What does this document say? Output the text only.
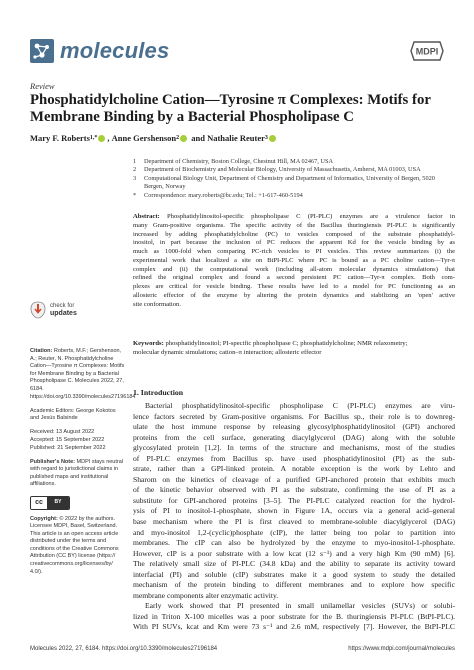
molecules	MDPI
Review
Phosphatidylcholine Cation—Tyrosine π Complexes: Motifs for Membrane Binding by a Bacterial Phospholipase C
Mary F. Roberts 1,* , Anne Gershenson 2
and
Nathalie Reuter 3
1	Department of Chemistry, Boston College, Chestnut Hill, MA 02467, USA
2	Department of Biochemistry and Molecular Biology, University of Massachusetts, Amherst, MA 01003, USA
3	Computational Biology Unit, Department of Chemistry and Department of Informatics, University of Bergen, 5020 Bergen, Norway
*	Correspondence: mary.roberts@bc.edu; Tel.: +1-617-460-5194
Abstract: Phosphatidylinositol-specific phospholipase C (PI-PLC) enzymes are a virulence factor in
many Gram-positive organisms. The specific activity of the Bacillus thuringiensis PI-PLC is significantly
increased by adding phosphatidylcholine (PC) to vesicles composed of the substrate phosphatidyl-
inositol, in part because the inclusion of PC reduces the apparent Kd for the vesicle binding by as
much as 1000-fold when comparing PC-rich vesicles to PI vesicles. This review summarizes (i) the
experimental work that localized a site on BtPI-PLC where PC is bound as a PC choline cation—Tyr-π
complex and (ii) the computational work (including all-atom molecular dynamics simulations) that
refined the original complex and found a second persistent PC cation—Tyr-π complex. Both com-
plexes are critical for vesicle binding. These results have led to a model for PC functioning as an
allosteric effector of the enzyme by altering the protein dynamics and stabilizing an 'open' active
site conformation.
Keywords: phosphatidylinositol; PI-specific phospholipase C; phosphatidylcholine; NMR relaxometry;
molecular dynamic simulations; cation–π interaction; allosteric effector
check for
updates
Citation: Roberts, M.F.; Gershenson, A.; Reuter, N. Phosphatidylcholine Cation—Tyrosine π Complexes: Motifs for Membrane Binding by a Bacterial Phospholipase C. Molecules 2022, 27, 6184. https://doi.org/10.3390/molecules27196184
Academic Editors: George Kokotos and Jesús Balsinde
Received: 13 August 2022
Accepted: 15 September 2022
Published: 21 September 2022
Publisher's Note: MDPI stays neutral with regard to jurisdictional claims in published maps and institutional affiliations.
cc	BY
Copyright: © 2022 by the authors. Licensee MDPI, Basel, Switzerland. This article is an open access article distributed under the terms and conditions of the Creative Commons Attribution (CC BY) license (https:// creativecommons.org/licenses/by/ 4.0/).
1. Introduction
Bacterial phosphatidylinositol-specific phospholipase C (PI-PLC) enzymes are viru-
lence factors secreted by Gram-positive organisms. For Bacillus sp., their role is to downreg-
ulate the host immune response by releasing glycosylphosphatidylinositol (GPI) anchored
proteins from the cell surface, generating diacylglycerol (DAG) along with the soluble
glycosylated protein [1,2]. In terms of the structure and mechanisms, most of the studies
of PI-PLC enzymes from Bacillus sp. have used phosphatidylinositol (PI) as the sub-
strate, rather than a GPI-linked protein. A notable exception is the work by Lehto and
Sharom on the kinetics of cleavage of a purified GPI-anchored protein that exhibits much
of the kinetic behavior observed with PI as the substrate, confirming the use of PI as a
substitute for GPI-anchored proteins [3–5]. The PI-PLC catalyzed reaction for the hydrol-
ysis of PI to inositol-1-phosphate, shown in Figure 1A, occurs via a general acid–general
base mechanism where the PI is first cleaved to membrane-soluble diacylglycerol (DAG)
and myo-inositol 1,2-(cyclic)phosphate (cIP), the latter being too polar to partition into
membranes. The cIP can also be hydrolyzed by the enzyme to myo-inositol-1-phosphate.
However, cIP is a poor substrate with a low kcat (12 s⁻¹) and a very high Km (90 mM) [6].
The relatively small size of PI-PLC (34.8 kDa) and the ability to separate its activity toward
interfacial (PI) and soluble (cIP) substrates make it a good system to study the detailed
mechanism of the protein binding to different membranes and to explore how specific
membrane components alter enzymatic activity.
Early work showed that PI presented in small unilamellar vesicles (SUVs) or solubi-
lized in Triton X-100 micelles was a poor substrate for the B. thuringiensis PI-PLC (BtPI-PLC).
With PI SUVs, kcat and Km were 73 s⁻¹ and 2.6 mM, respectively [7]. However, the BtPI-PLC
Molecules 2022, 27, 6184. https://doi.org/10.3390/molecules27196184	https://www.mdpi.com/journal/molecules
